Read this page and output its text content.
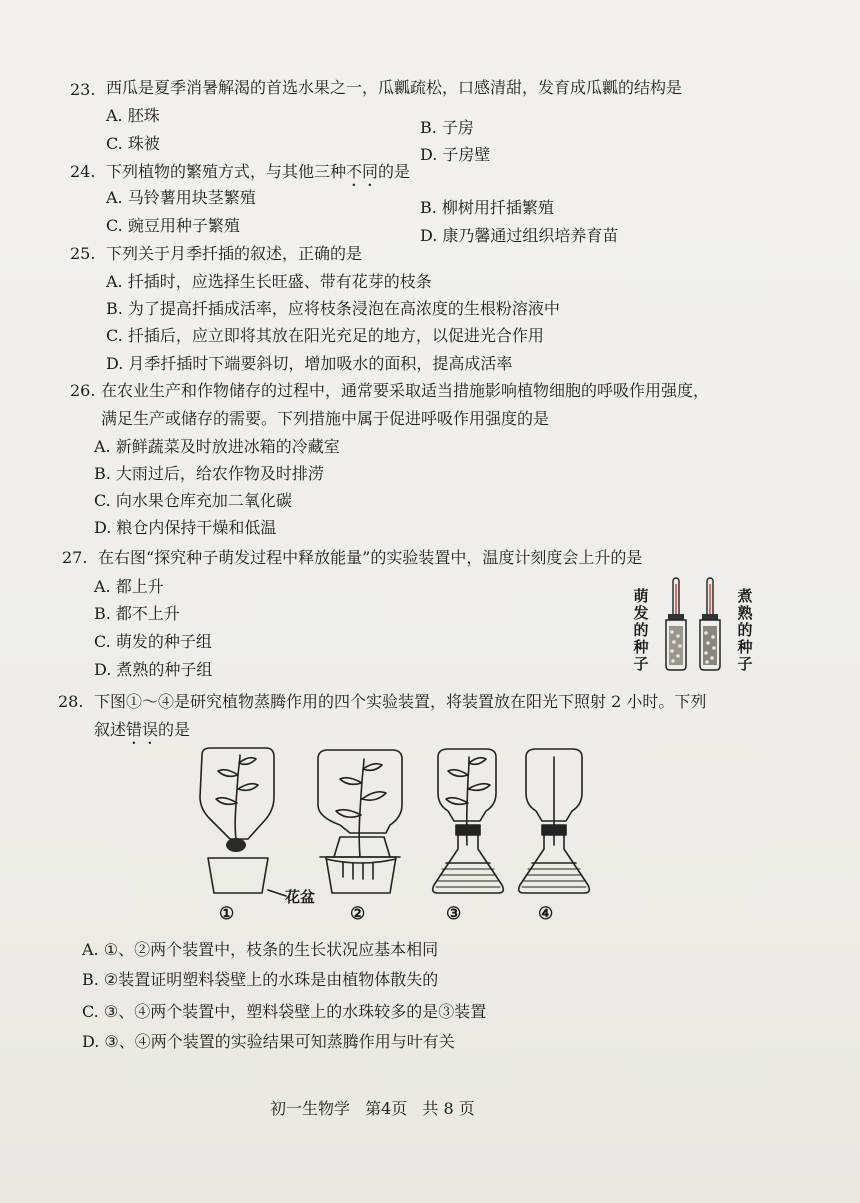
23. 西瓜是夏季消暑解渴的首选水果之一，瓜瓤疏松，口感清甜，发育成瓜瓤的结构是
A. 胚珠
B. 子房
C. 珠被
D. 子房壁
24. 下列植物的繁殖方式，与其他三种不同的是
A. 马铃薯用块茎繁殖
B. 柳树用扦插繁殖
C. 豌豆用种子繁殖
D. 康乃馨通过组织培养育苗
25. 下列关于月季扦插的叙述，正确的是
A. 扦插时，应选择生长旺盛、带有花芽的枝条
B. 为了提高扦插成活率，应将枝条浸泡在高浓度的生根粉溶液中
C. 扦插后，应立即将其放在阳光充足的地方，以促进光合作用
D. 月季扦插时下端要斜切，增加吸水的面积，提高成活率
26. 在农业生产和作物储存的过程中，通常要采取适当措施影响植物细胞的呼吸作用强度，
满足生产或储存的需要。下列措施中属于促进呼吸作用强度的是
A. 新鲜蔬菜及时放进冰箱的冷藏室
B. 大雨过后，给农作物及时排涝
C. 向水果仓库充加二氧化碳
D. 粮仓内保持干燥和低温
27. 在右图“探究种子萌发过程中释放能量”的实验装置中，温度计刻度会上升的是
A. 都上升
B. 都不上升
C. 萌发的种子组
D. 煮熟的种子组
萌发的种子
煮熟的种子
28. 下图①～④是研究植物蒸腾作用的四个实验装置，将装置放在阳光下照射 2 小时。下列
叙述错误的是
花盆
①	②	③	④
A. ①、②两个装置中，枝条的生长状况应基本相同
B. ②装置证明塑料袋壁上的水珠是由植物体散失的
C. ③、④两个装置中，塑料袋壁上的水珠较多的是③装置
D. ③、④两个装置的实验结果可知蒸腾作用与叶有关
初一生物学 第4页 共 8 页
